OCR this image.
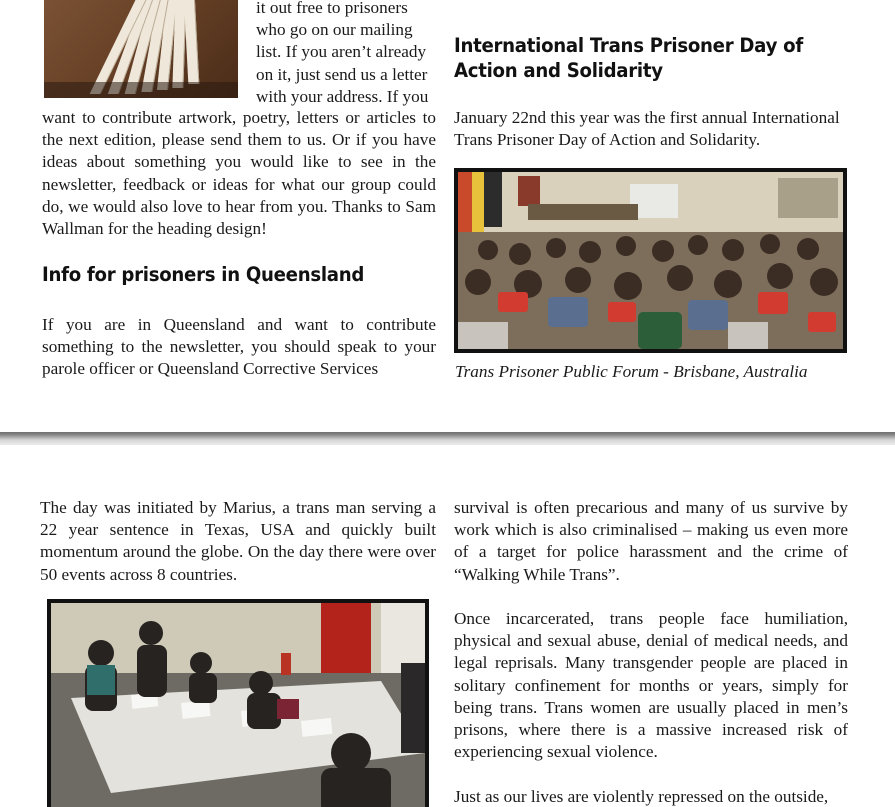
it out free to prisoners
who go on our mailing
list. If you aren’t already
on it, just send us a letter
with your address. If you

want to contribute artwork, poetry, letters or articles to the next edition, please send them to us. Or if you have ideas about something you would like to see in the newsletter, feedback or ideas for what our group could do, we would also love to hear from you. Thanks to Sam Wallman for the heading design!

Info for prisoners in Queensland

If you are in Queensland and want to contribute something to the newsletter, you should speak to your parole officer or Queensland Corrective Services

International Trans Prisoner Day of Action and Solidarity

January 22nd this year was the first annual International Trans Prisoner Day of Action and Solidarity.

Trans Prisoner Public Forum - Brisbane, Australia

The day was initiated by Marius, a trans man serving a 22 year sentence in Texas, USA and quickly built momentum around the globe. On the day there were over 50 events across 8 countries.

survival is often precarious and many of us survive by work which is also criminalised – making us even more of a target for police harassment and the crime of “Walking While Trans”.

Once incarcerated, trans people face humiliation, physical and sexual abuse, denial of medical needs, and legal reprisals. Many transgender people are placed in solitary confinement for months or years, simply for being trans. Trans women are usually placed in men’s prisons, where there is a massive increased risk of experiencing sexual violence.

Just as our lives are violently repressed on the outside,
